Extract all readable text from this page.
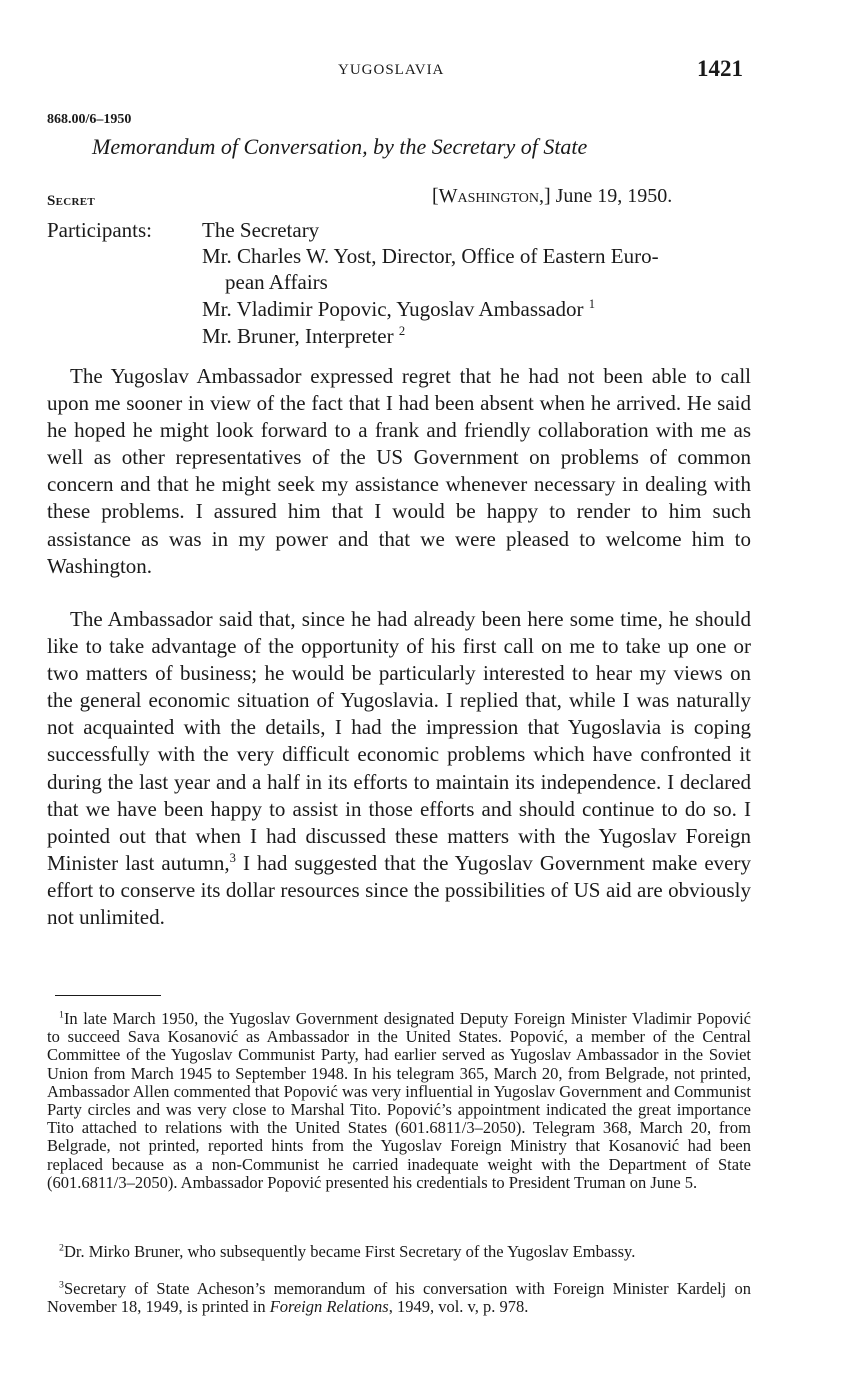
YUGOSLAVIA	1421
868.00/6–1950
Memorandum of Conversation, by the Secretary of State
Secret	[Washington,] June 19, 1950.
Participants: The Secretary
Mr. Charles W. Yost, Director, Office of Eastern Euro-
pean Affairs
Mr. Vladimir Popovic, Yugoslav Ambassador $^1$
Mr. Bruner, Interpreter $^2$

The Yugoslav Ambassador expressed regret that he had not been able to call upon me sooner in view of the fact that I had been absent when he arrived. He said he hoped he might look forward to a frank and friendly collaboration with me as well as other representatives of the US Government on problems of common concern and that he might seek my assistance whenever necessary in dealing with these problems. I assured him that I would be happy to render to him such assistance as was in my power and that we were pleased to welcome him to Washington.

The Ambassador said that, since he had already been here some time, he should like to take advantage of the opportunity of his first call on me to take up one or two matters of business; he would be particularly interested to hear my views on the general economic situation of Yugoslavia. I replied that, while I was naturally not acquainted with the details, I had the impression that Yugoslavia is coping successfully with the very difficult economic problems which have confronted it during the last year and a half in its efforts to maintain its independence. I declared that we have been happy to assist in those efforts and should continue to do so. I pointed out that when I had discussed these matters with the Yugoslav Foreign Minister last autumn,$^3$ I had suggested that the Yugoslav Government make every effort to conserve its dollar resources since the possibilities of US aid are obviously not unlimited.

$^1$In late March 1950, the Yugoslav Government designated Deputy Foreign Minister Vladimir Popović to succeed Sava Kosanović as Ambassador in the United States. Popović, a member of the Central Committee of the Yugoslav Communist Party, had earlier served as Yugoslav Ambassador in the Soviet Union from March 1945 to September 1948. In his telegram 365, March 20, from Belgrade, not printed, Ambassador Allen commented that Popović was very influential in Yugoslav Government and Communist Party circles and was very close to Marshal Tito. Popović’s appointment indicated the great importance Tito attached to relations with the United States (601.6811/3–2050). Telegram 368, March 20, from Belgrade, not printed, reported hints from the Yugoslav Foreign Ministry that Kosanović had been replaced because as a non-Communist he carried inadequate weight with the Department of State (601.6811/3–2050). Ambassador Popović presented his credentials to President Truman on June 5.

$^2$Dr. Mirko Bruner, who subsequently became First Secretary of the Yugoslav Embassy.

$^3$Secretary of State Acheson’s memorandum of his conversation with Foreign Minister Kardelj on November 18, 1949, is printed in Foreign Relations, 1949, vol. v, p. 978.
